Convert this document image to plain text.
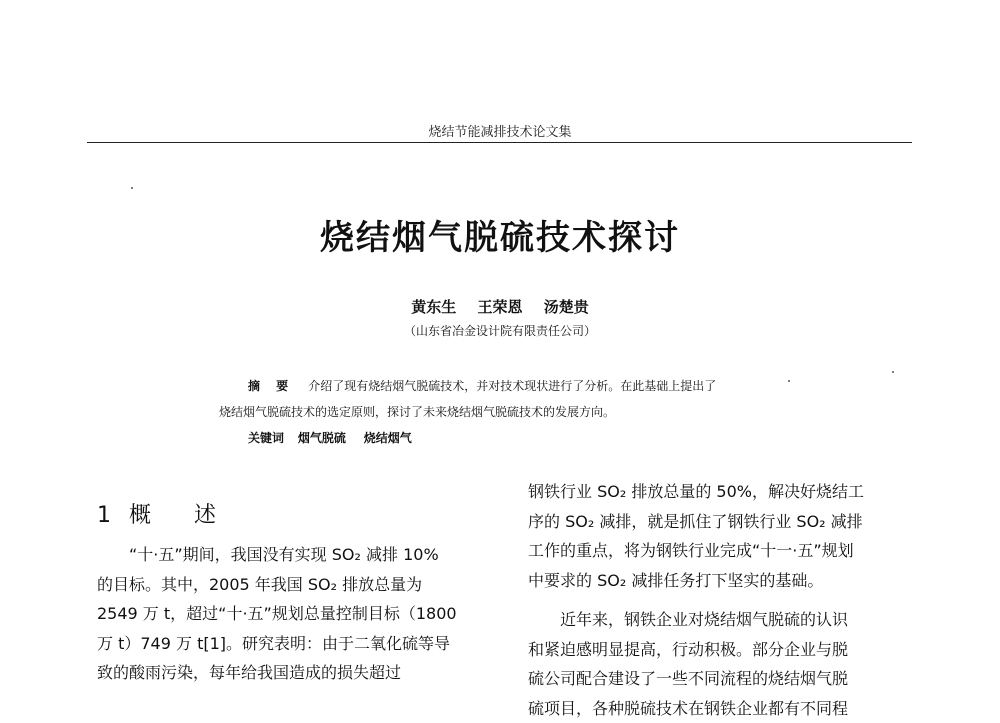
烧结节能减排技术论文集
烧结烟气脱硫技术探讨
黄东生 王荣恩 汤楚贵
（山东省冶金设计院有限责任公司）
摘 要 介绍了现有烧结烟气脱硫技术，并对技术现状进行了分析。在此基础上提出了
烧结烟气脱硫技术的选定原则，探讨了未来烧结烟气脱硫技术的发展方向。
关键词 烟气脱硫 烧结烟气
1 概 述
“十·五”期间，我国没有实现 SO₂ 减排 10%
的目标。其中，2005 年我国 SO₂ 排放总量为
2549 万 t，超过“十·五”规划总量控制目标（1800
万 t）749 万 t[1]。研究表明：由于二氧化硫等导
致的酸雨污染，每年给我国造成的损失超过
钢铁行业 SO₂ 排放总量的 50%，解决好烧结工
序的 SO₂ 减排，就是抓住了钢铁行业 SO₂ 减排
工作的重点，将为钢铁行业完成“十一·五”规划
中要求的 SO₂ 减排任务打下坚实的基础。
近年来，钢铁企业对烧结烟气脱硫的认识
和紧迫感明显提高，行动积极。部分企业与脱
硫公司配合建设了一些不同流程的烧结烟气脱
硫项目，各种脱硫技术在钢铁企业都有不同程
